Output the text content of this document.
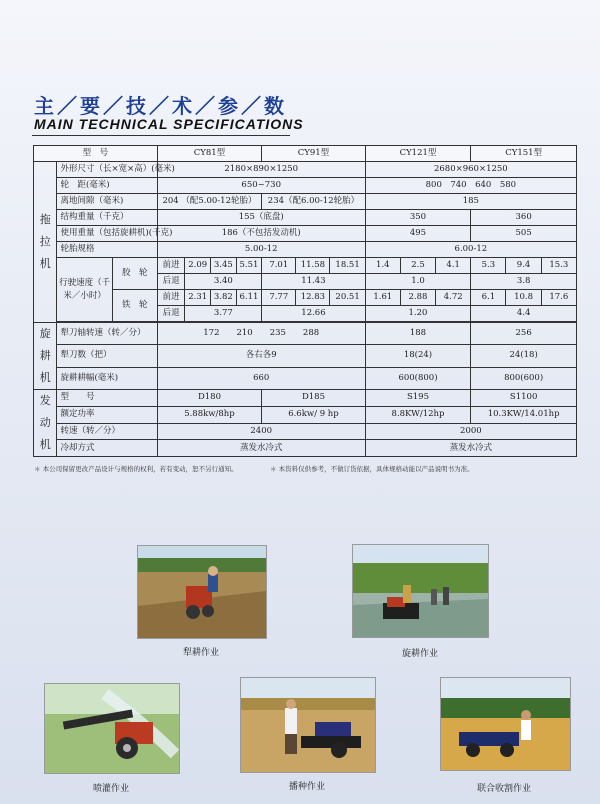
主／要／技／术／参／数
MAIN TECHNICAL SPECIFICATIONS
型　号			CY81型				CY91型			CY121型			CY151型		
拖拉机	外形尺寸（长×宽×高）(毫米)		2180×890×1250							2680×960×1250					
	轮　距(毫米)		650~730							800　740　640　580					
	离地间隙（毫米)		204 （配5.00-12轮胎）				234（配6.00-12轮胎）			185					
	结构重量（千克）		155（底盘)							350			360		
	使用重量（包括旋耕机)(千克)		186（不包括发动机)							495			505		
	轮胎规格		5.00-12							6.00-12					
	行驶速度（千米／小时）	胶　轮	前进	2.09	3.45	5.51	7.01	11.58	18.51	1.4	2.5	4.1	5.3	9.4	15.3
			后退	3.40			11.43			1.0			3.8		
		铁　轮	前进	2.31	3.82	6.11	7.77	12.83	20.51	1.61	2.88	4.72	6.1	10.8	17.6
			后退	3.77			12.66			1.20			4.4		

旋耕机	犁刀轴转速（转／分）		172　　210　　235　　288							188			256		
	犁刀数（把）		各右各9							18(24)			24(18)		
	旋耕耕幅(毫米)		660							600(800)			800(600)		
发动机	型　　号		D180				D185			S195			S1100		
	额定功率		5.88kw/8hp				6.6kw/ 9 hp			8.8KW/12hp			10.3KW/14.01hp		
	转速（转／分）		2400							2000					
	冷却方式		蒸发水冷式							蒸发水冷式					
＊ 本公司保留更改产品设计与规格的权利，若有变动，恕不另行通知。	＊ 本资料仅供参考，不做订货依据，具体规格动能以产品说明书为准。
犁耕作业	旋耕作业
喷灌作业	播种作业	联合收割作业
